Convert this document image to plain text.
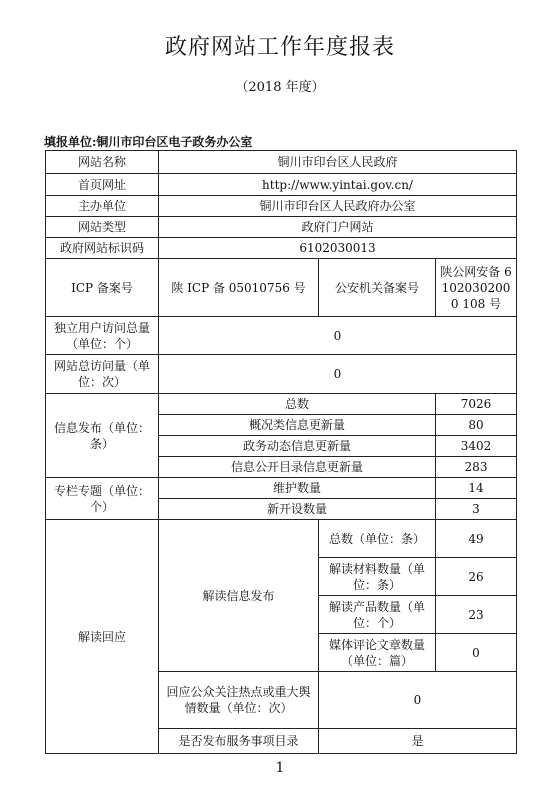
政府网站工作年度报表
（2018 年度）
填报单位:铜川市印台区电子政务办公室
网站名称	铜川市印台区人民政府		
首页网址	http://www.yintai.gov.cn/		
主办单位	铜川市印台区人民政府办公室		
网站类型	政府门户网站		
政府网站标识码	6102030013		
ICP 备案号	陕 ICP 备 05010756 号	公安机关备案号	陕公网安备 61020302000 108 号
独立用户访问总量（单位：个）	0		
网站总访问量（单位：次）	0		
信息发布（单位：条）	总数		7026
	概况类信息更新量		80
	政务动态信息更新量		3402
	信息公开目录信息更新量		283
专栏专题（单位：个）	维护数量		14
	新开设数量		3
解读回应	解读信息发布	总数（单位：条）	49
		解读材料数量（单位：条）	26
		解读产品数量（单位：个）	23
		媒体评论文章数量（单位：篇）	0
	回应公众关注热点或重大舆情数量（单位：次）	0	
	是否发布服务事项目录	是	
1
